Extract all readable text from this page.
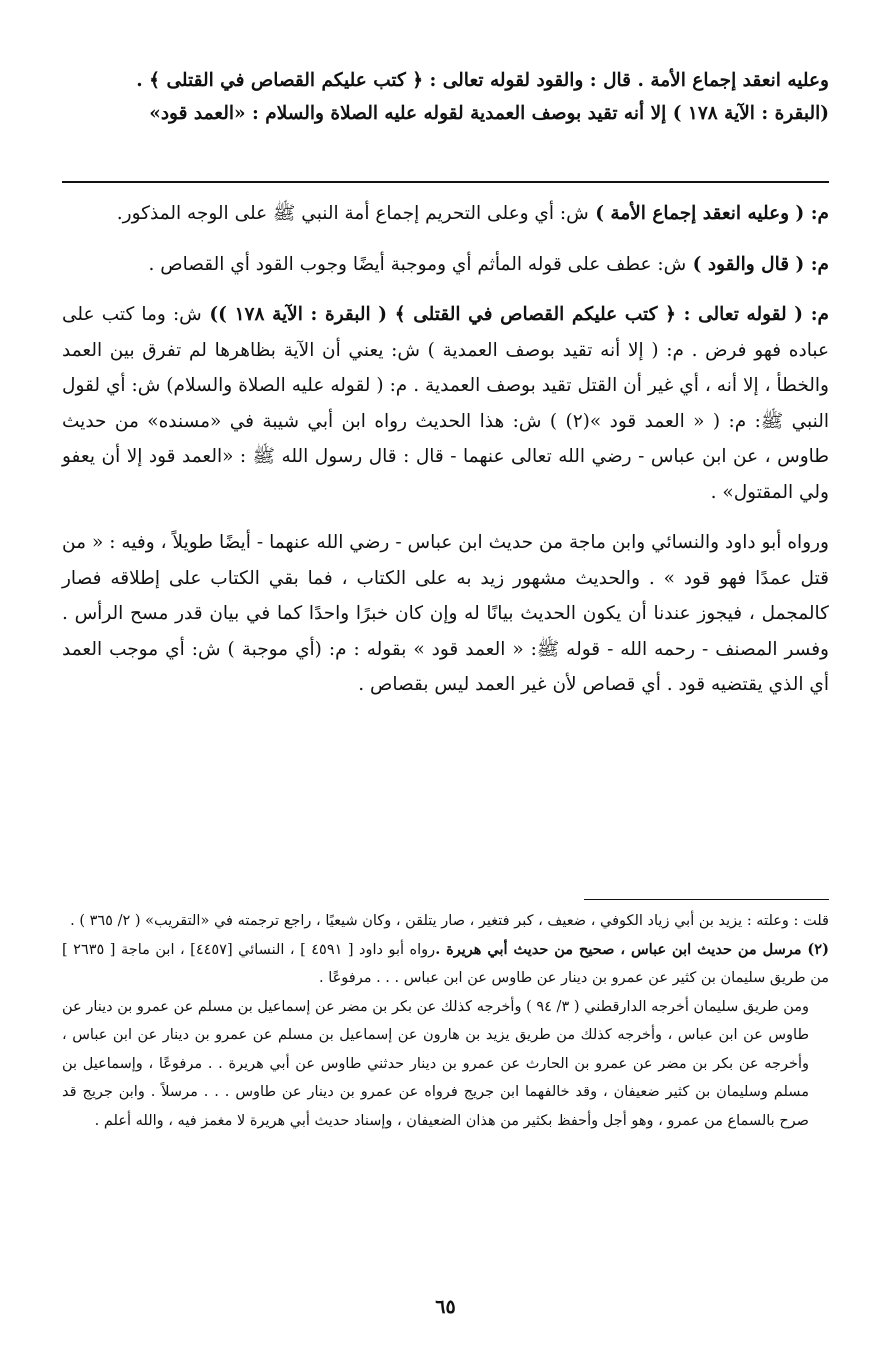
وعليه انعقد إجماع الأمة . قال : والقود لقوله تعالى : ﴿ كتب عليكم القصاص في القتلى ﴾ .

(البقرة : الآية ١٧٨ ) إلا أنه تقيد بوصف العمدية لقوله عليه الصلاة والسلام : «العمد قود»

م: ( وعليه انعقد إجماع الأمة ) ش: أي وعلى التحريم إجماع أمة النبي ﷺ على الوجه المذكور.

م: ( قال والقود ) ش: عطف على قوله المأثم أي وموجبة أيضًا وجوب القود أي القصاص .

م: ( لقوله تعالى : ﴿ كتب عليكم القصاص في القتلى ﴾ ( البقرة : الآية ١٧٨ )) ش: وما كتب على عباده فهو فرض . م: ( إلا أنه تقيد بوصف العمدية ) ش: يعني أن الآية بظاهرها لم تفرق بين العمد والخطأ ، إلا أنه ، أي غير أن القتل تقيد بوصف العمدية . م: ( لقوله عليه الصلاة والسلام) ش: أي لقول النبي ﷺ: م: ( « العمد قود »(٢) ) ش: هذا الحديث رواه ابن أبي شيبة في «مسنده» من حديث طاوس ، عن ابن عباس - رضي الله تعالى عنهما - قال : قال رسول الله ﷺ : «العمد قود إلا أن يعفو ولي المقتول» .

ورواه أبو داود والنسائي وابن ماجة من حديث ابن عباس - رضي الله عنهما - أيضًا طويلاً ، وفيه : « من قتل عمدًا فهو قود » . والحديث مشهور زيد به على الكتاب ، فما بقي الكتاب على إطلاقه فصار كالمجمل ، فيجوز عندنا أن يكون الحديث بيانًا له وإن كان خبرًا واحدًا كما في بيان قدر مسح الرأس . وفسر المصنف - رحمه الله - قوله ﷺ: « العمد قود » بقوله : م: (أي موجبة ) ش: أي موجب العمد أي الذي يقتضيه قود . أي قصاص لأن غير العمد ليس بقصاص .

قلت : وعلته : يزيد بن أبي زياد الكوفي ، ضعيف ، كبر فتغير ، صار يتلقن ، وكان شيعيًا ، راجع ترجمته في «التقريب» ( ٢/ ٣٦٥ ) .

(٢) مرسل من حديث ابن عباس ، صحيح من حديث أبي هريرة .رواه أبو داود [ ٤٥٩١ ] ، النسائي [٤٤٥٧] ، ابن ماجة [ ٢٦٣٥ ] من طريق سليمان بن كثير عن عمرو بن دينار عن طاوس عن ابن عباس . . . مرفوعًا .

ومن طريق سليمان أخرجه الدارقطني ( ٣/ ٩٤ ) وأخرجه كذلك عن بكر بن مضر عن إسماعيل بن مسلم عن عمرو بن دينار عن طاوس عن ابن عباس ، وأخرجه كذلك من طريق يزيد بن هارون عن إسماعيل بن مسلم عن عمرو بن دينار عن ابن عباس ، وأخرجه عن بكر بن مضر عن عمرو بن الحارث عن عمرو بن دينار حدثني طاوس عن أبي هريرة . . مرفوعًا ، وإسماعيل بن مسلم وسليمان بن كثير ضعيفان ، وقد خالفهما ابن جريج فرواه عن عمرو بن دينار عن طاوس . . . مرسلاً . وابن جريج قد صرح بالسماع من عمرو ، وهو أجل وأحفظ بكثير من هذان الضعيفان ، وإسناد حديث أبي هريرة لا مغمز فيه ، والله أعلم .

٦٥
